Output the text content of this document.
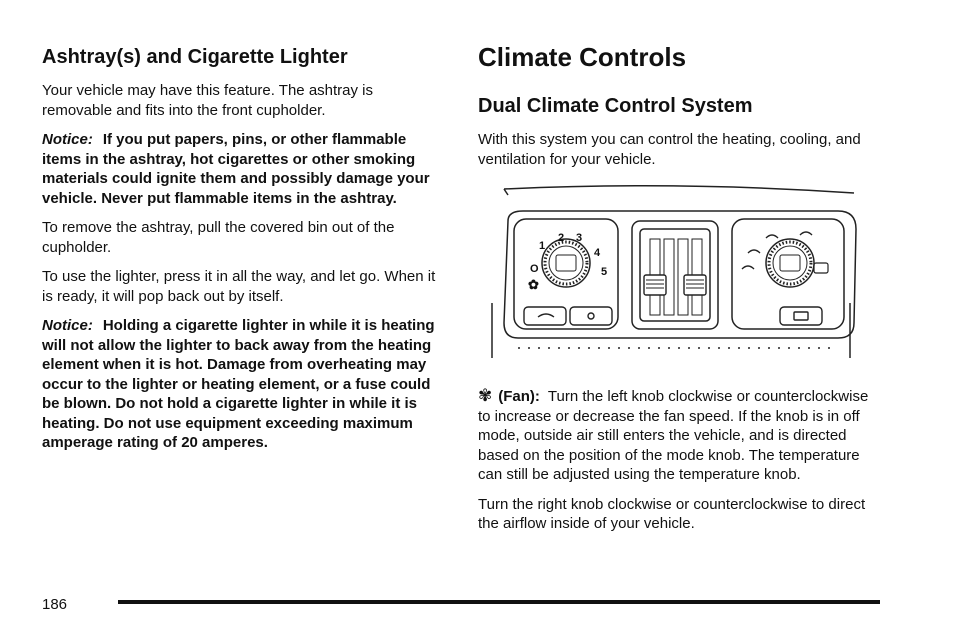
Ashtray(s) and Cigarette Lighter

Your vehicle may have this feature. The ashtray is removable and fits into the front cupholder.

Notice: If you put papers, pins, or other flammable items in the ashtray, hot cigarettes or other smoking materials could ignite them and possibly damage your vehicle. Never put flammable items in the ashtray.

To remove the ashtray, pull the covered bin out of the cupholder.

To use the lighter, press it in all the way, and let go. When it is ready, it will pop back out by itself.

Notice: Holding a cigarette lighter in while it is heating will not allow the lighter to back away from the heating element when it is hot. Damage from overheating may occur to the lighter or heating element, or a fuse could be blown. Do not hold a cigarette lighter in while it is heating. Do not use equipment exceeding maximum amperage rating of 20 amperes.

Climate Controls
Dual Climate Control System

With this system you can control the heating, cooling, and ventilation for your vehicle.

1
2 3
4
5
O
✿

✾ (Fan): Turn the left knob clockwise or counterclockwise to increase or decrease the fan speed. If the knob is in off mode, outside air still enters the vehicle, and is directed based on the position of the mode knob. The temperature can still be adjusted using the temperature knob.

Turn the right knob clockwise or counterclockwise to direct the airflow inside of your vehicle.

186
